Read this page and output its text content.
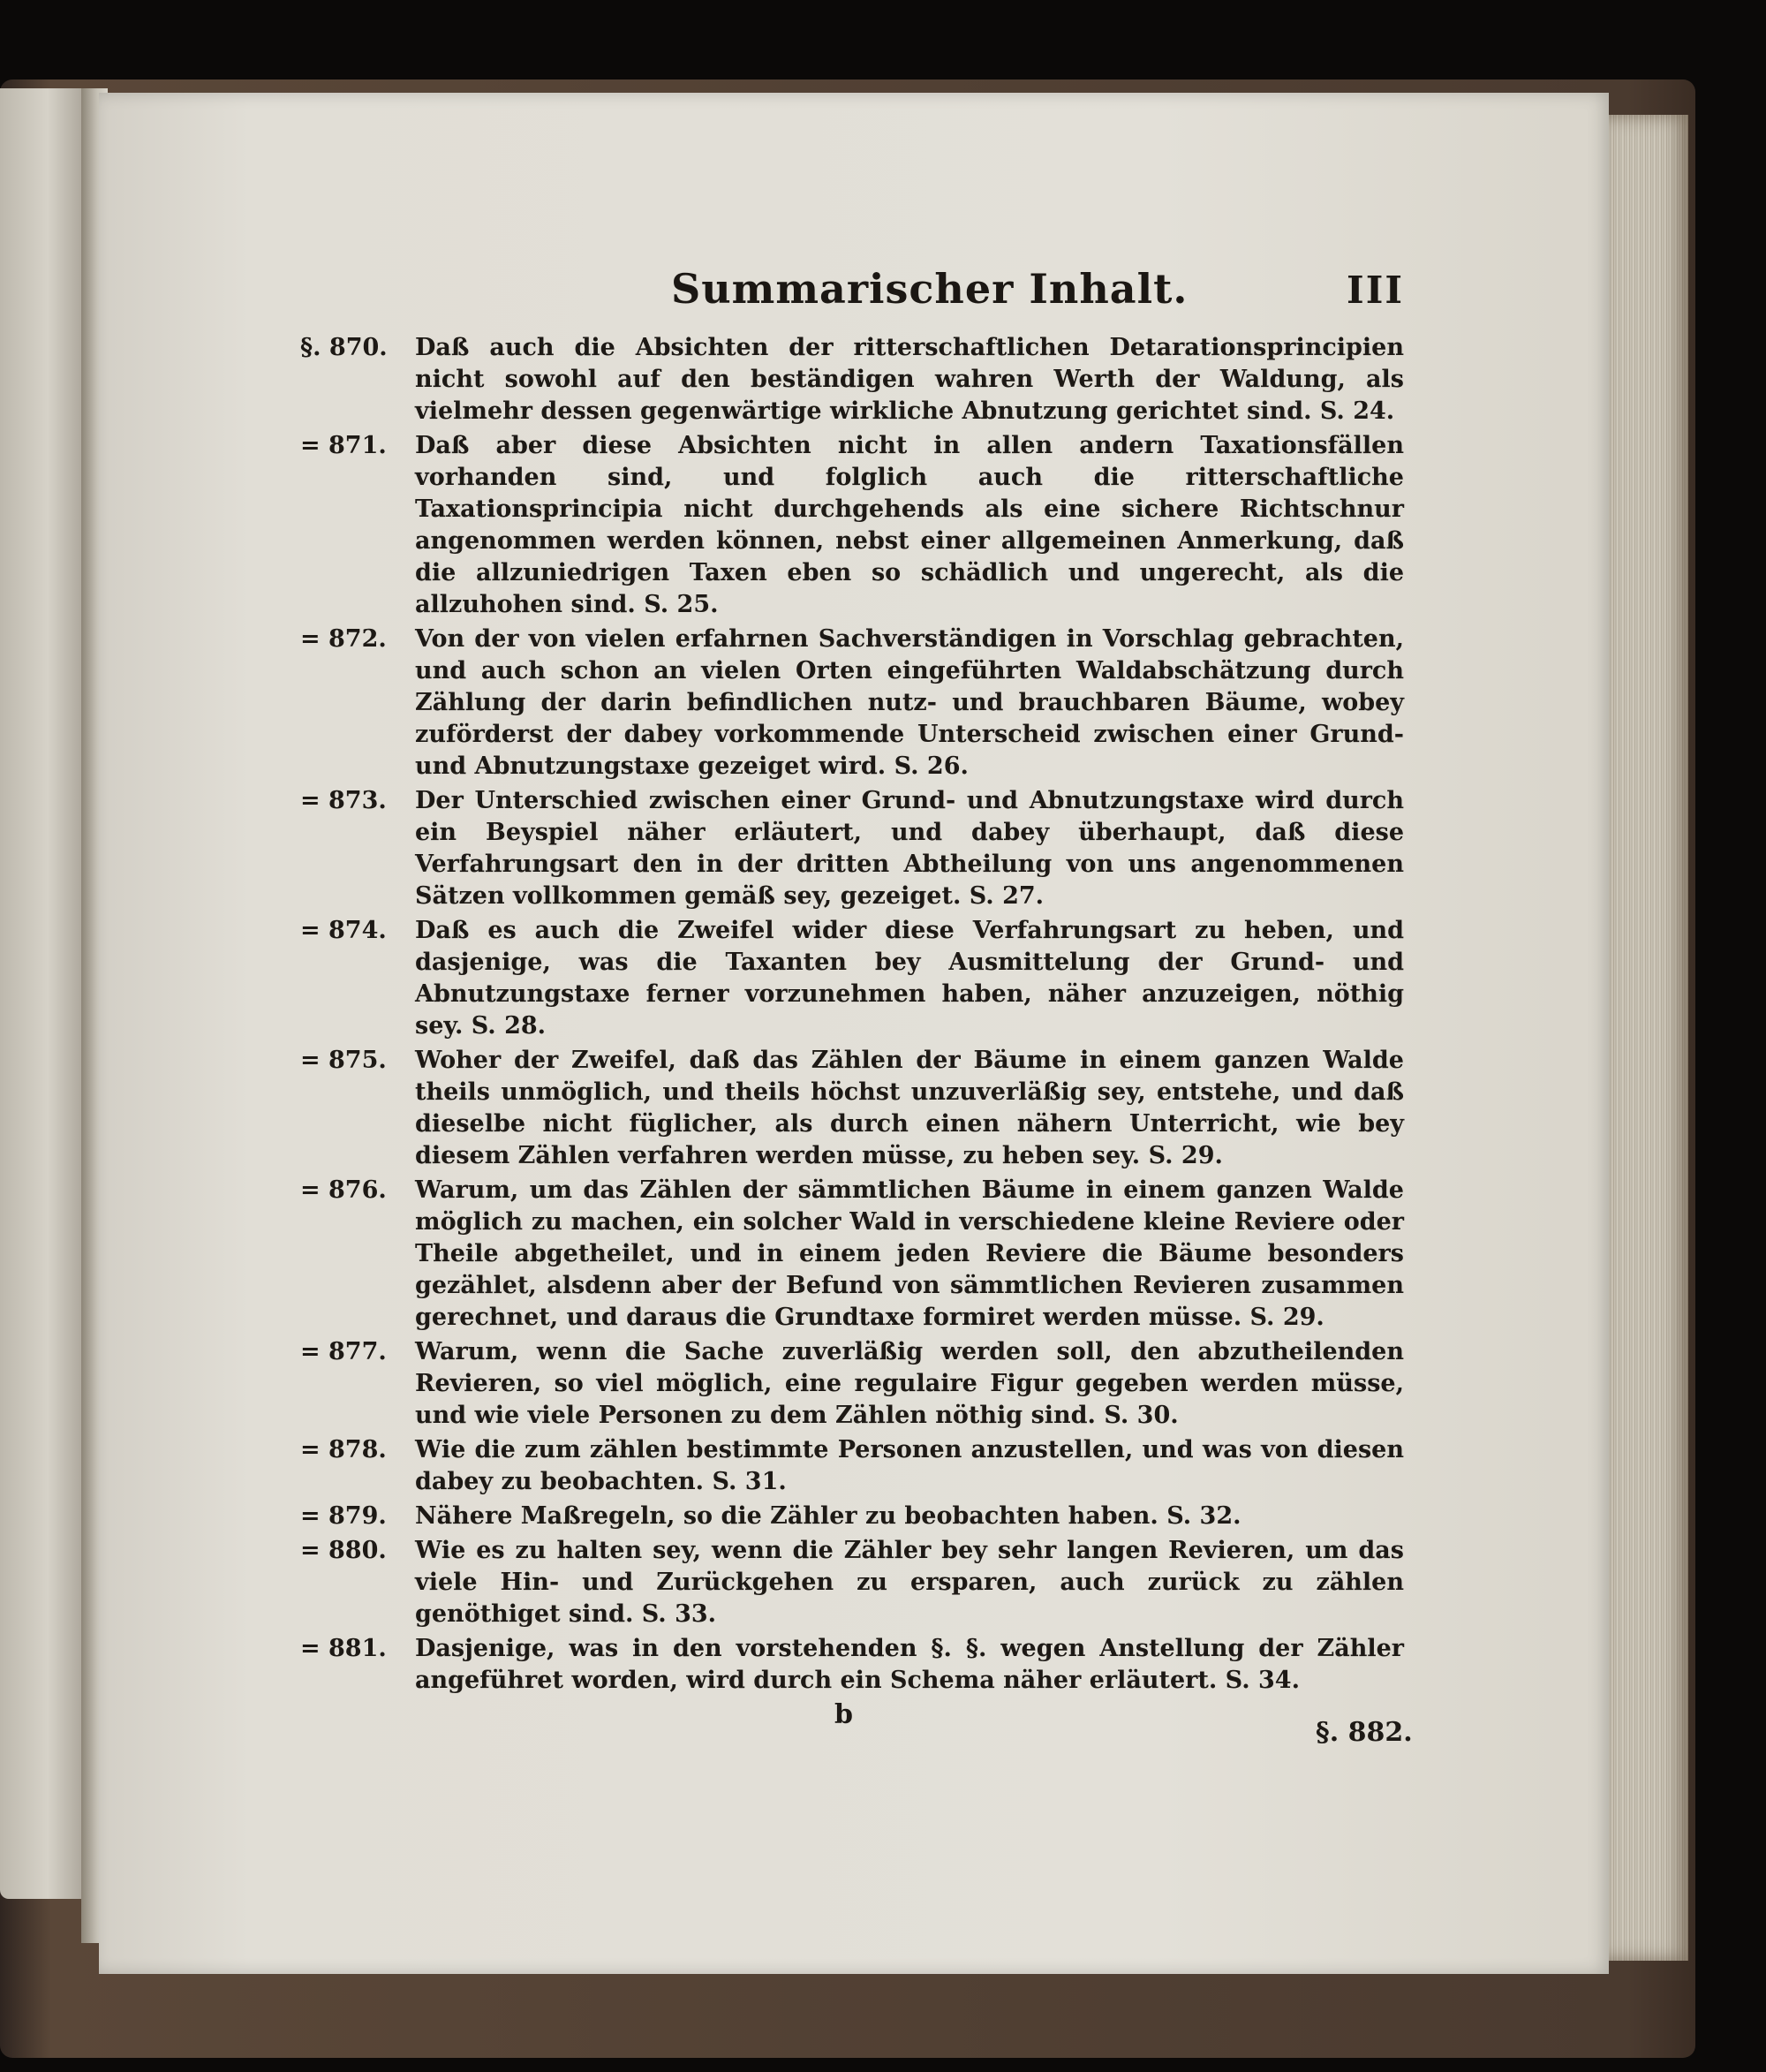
Summarischer Inhalt.	III
§. 870.	Daß auch die Absichten der ritterschaftlichen Detarationsprincipien nicht sowohl auf den beständigen wahren Werth der Waldung, als vielmehr dessen gegenwärtige wirkliche Abnutzung gerichtet sind. S. 24.
= 871.	Daß aber diese Absichten nicht in allen andern Taxationsfällen vorhanden sind, und folglich auch die ritterschaftliche Taxationsprincipia nicht durchgehends als eine sichere Richtschnur angenommen werden können, nebst einer allgemeinen Anmerkung, daß die allzuniedrigen Taxen eben so schädlich und ungerecht, als die allzuhohen sind. S. 25.
= 872.	Von der von vielen erfahrnen Sachverständigen in Vorschlag gebrachten, und auch schon an vielen Orten eingeführten Waldabschätzung durch Zählung der darin befindlichen nutz- und brauchbaren Bäume, wobey zuförderst der dabey vorkommende Unterscheid zwischen einer Grund- und Abnutzungstaxe gezeiget wird. S. 26.
= 873.	Der Unterschied zwischen einer Grund- und Abnutzungstaxe wird durch ein Beyspiel näher erläutert, und dabey überhaupt, daß diese Verfahrungsart den in der dritten Abtheilung von uns angenommenen Sätzen vollkommen gemäß sey, gezeiget. S. 27.
= 874.	Daß es auch die Zweifel wider diese Verfahrungsart zu heben, und dasjenige, was die Taxanten bey Ausmittelung der Grund- und Abnutzungstaxe ferner vorzunehmen haben, näher anzuzeigen, nöthig sey. S. 28.
= 875.	Woher der Zweifel, daß das Zählen der Bäume in einem ganzen Walde theils unmöglich, und theils höchst unzuverläßig sey, entstehe, und daß dieselbe nicht füglicher, als durch einen nähern Unterricht, wie bey diesem Zählen verfahren werden müsse, zu heben sey. S. 29.
= 876.	Warum, um das Zählen der sämmtlichen Bäume in einem ganzen Walde möglich zu machen, ein solcher Wald in verschiedene kleine Reviere oder Theile abgetheilet, und in einem jeden Reviere die Bäume besonders gezählet, alsdenn aber der Befund von sämmtlichen Revieren zusammen gerechnet, und daraus die Grundtaxe formiret werden müsse. S. 29.
= 877.	Warum, wenn die Sache zuverläßig werden soll, den abzutheilenden Revieren, so viel möglich, eine regulaire Figur gegeben werden müsse, und wie viele Personen zu dem Zählen nöthig sind. S. 30.
= 878.	Wie die zum zählen bestimmte Personen anzustellen, und was von diesen dabey zu beobachten. S. 31.
= 879.	Nähere Maßregeln, so die Zähler zu beobachten haben. S. 32.
= 880.	Wie es zu halten sey, wenn die Zähler bey sehr langen Revieren, um das viele Hin- und Zurückgehen zu ersparen, auch zurück zu zählen genöthiget sind. S. 33.
= 881.	Dasjenige, was in den vorstehenden §. §. wegen Anstellung der Zähler angeführet worden, wird durch ein Schema näher erläutert. S. 34.
b
§. 882.
